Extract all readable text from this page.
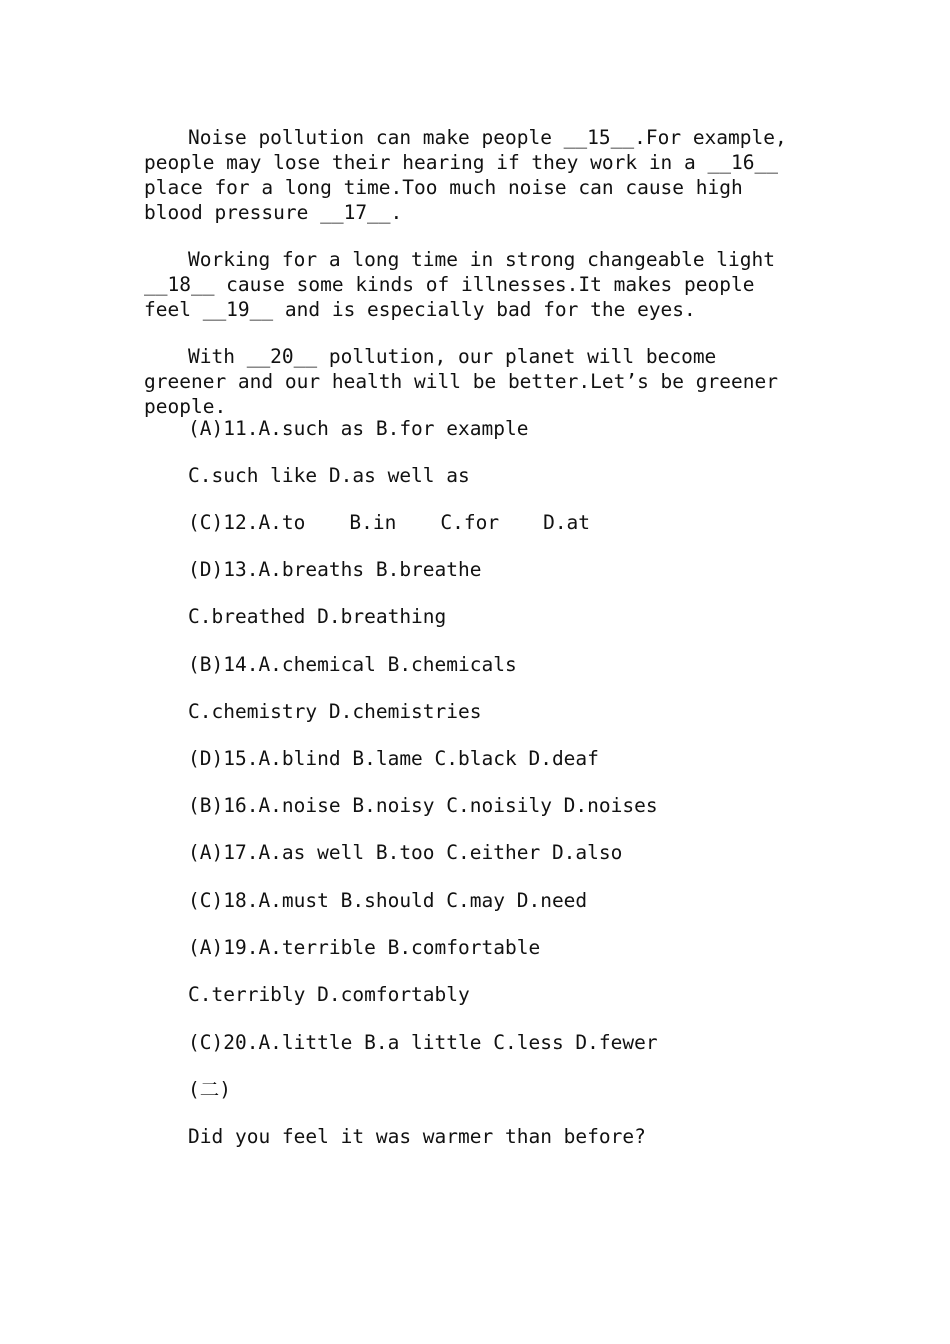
Noise pollution can make people __15__.For example, people may lose their hearing if they work in a __16__ place for a long time.Too much noise can cause high blood pressure __17__.

Working for a long time in strong changeable light __18__ cause some kinds of illnesses.It makes people feel __19__ and is especially bad for the eyes.

With __20__ pollution, our planet will become greener and our health will be better.Let’s be greener people.

(A)11.A.such as B.for example
C.such like D.as well as
(C)12.A.to B.in C.for D.at
(D)13.A.breaths B.breathe
C.breathed D.breathing
(B)14.A.chemical B.chemicals
C.chemistry D.chemistries
(D)15.A.blind B.lame C.black D.deaf
(B)16.A.noise B.noisy C.noisily D.noises
(A)17.A.as well B.too C.either D.also
(C)18.A.must B.should C.may D.need
(A)19.A.terrible B.comfortable
C.terribly D.comfortably
(C)20.A.little B.a little C.less D.fewer
(二)
Did you feel it was warmer than before?
